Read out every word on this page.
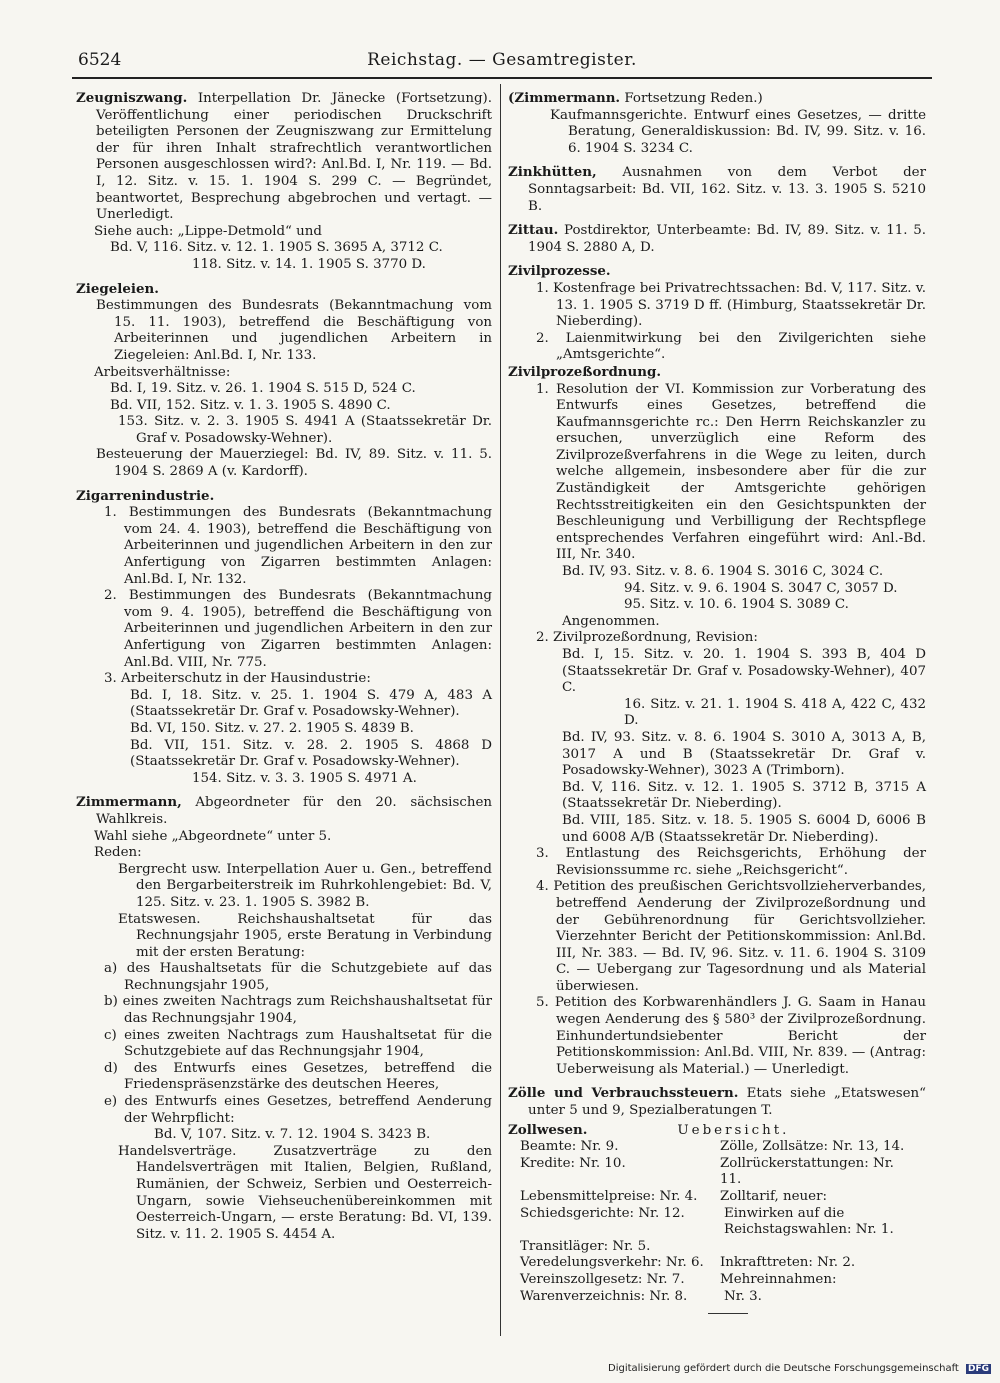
6524	Reichstag. — Gesamtregister.

Zeugniszwang. Interpellation Dr. Jänecke (Fortsetzung). Veröffentlichung einer periodischen Druckschrift beteiligten Personen der Zeugniszwang zur Ermittelung der für ihren Inhalt strafrechtlich verantwortlichen Personen ausgeschlossen wird?: Anl.Bd. I, Nr. 119. — Bd. I, 12. Sitz. v. 15. 1. 1904 S. 299 C. — Begründet, beantwortet, Besprechung abgebrochen und vertagt. — Unerledigt.

Siehe auch: „Lippe-Detmold“ und

Bd. V, 116. Sitz. v. 12. 1. 1905 S. 3695 A, 3712 C.

118. Sitz. v. 14. 1. 1905 S. 3770 D.

Ziegeleien.

Bestimmungen des Bundesrats (Bekanntmachung vom 15. 11. 1903), betreffend die Beschäftigung von Arbeiterinnen und jugendlichen Arbeitern in Ziegeleien: Anl.Bd. I, Nr. 133.

Arbeitsverhältnisse:

Bd. I, 19. Sitz. v. 26. 1. 1904 S. 515 D, 524 C.

Bd. VII, 152. Sitz. v. 1. 3. 1905 S. 4890 C.

153. Sitz. v. 2. 3. 1905 S. 4941 A (Staatssekretär Dr. Graf v. Posadowsky-Wehner).

Besteuerung der Mauerziegel: Bd. IV, 89. Sitz. v. 11. 5. 1904 S. 2869 A (v. Kardorff).

Zigarrenindustrie.

1. Bestimmungen des Bundesrats (Bekanntmachung vom 24. 4. 1903), betreffend die Beschäftigung von Arbeiterinnen und jugendlichen Arbeitern in den zur Anfertigung von Zigarren bestimmten Anlagen: Anl.Bd. I, Nr. 132.

2. Bestimmungen des Bundesrats (Bekanntmachung vom 9. 4. 1905), betreffend die Beschäftigung von Arbeiterinnen und jugendlichen Arbeitern in den zur Anfertigung von Zigarren bestimmten Anlagen: Anl.Bd. VIII, Nr. 775.

3. Arbeiterschutz in der Hausindustrie:

Bd. I, 18. Sitz. v. 25. 1. 1904 S. 479 A, 483 A (Staatssekretär Dr. Graf v. Posadowsky-Wehner).

Bd. VI, 150. Sitz. v. 27. 2. 1905 S. 4839 B.

Bd. VII, 151. Sitz. v. 28. 2. 1905 S. 4868 D (Staatssekretär Dr. Graf v. Posadowsky-Wehner).

154. Sitz. v. 3. 3. 1905 S. 4971 A.

Zimmermann, Abgeordneter für den 20. sächsischen Wahlkreis.

Wahl siehe „Abgeordnete“ unter 5.

Reden:

Bergrecht usw. Interpellation Auer u. Gen., betreffend den Bergarbeiterstreik im Ruhrkohlengebiet: Bd. V, 125. Sitz. v. 23. 1. 1905 S. 3982 B.

Etatswesen. Reichshaushaltsetat für das Rechnungsjahr 1905, erste Beratung in Verbindung mit der ersten Beratung:

a) des Haushaltsetats für die Schutzgebiete auf das Rechnungsjahr 1905,

b) eines zweiten Nachtrags zum Reichshaushaltsetat für das Rechnungsjahr 1904,

c) eines zweiten Nachtrags zum Haushaltsetat für die Schutzgebiete auf das Rechnungsjahr 1904,

d) des Entwurfs eines Gesetzes, betreffend die Friedenspräsenzstärke des deutschen Heeres,

e) des Entwurfs eines Gesetzes, betreffend Aenderung der Wehrpflicht:

Bd. V, 107. Sitz. v. 7. 12. 1904 S. 3423 B.

Handelsverträge. Zusatzverträge zu den Handelsverträgen mit Italien, Belgien, Rußland, Rumänien, der Schweiz, Serbien und Oesterreich-Ungarn, sowie Viehseuchenübereinkommen mit Oesterreich-Ungarn, — erste Beratung: Bd. VI, 139. Sitz. v. 11. 2. 1905 S. 4454 A.

(Zimmermann. Fortsetzung Reden.)

Kaufmannsgerichte. Entwurf eines Gesetzes, — dritte Beratung, Generaldiskussion: Bd. IV, 99. Sitz. v. 16. 6. 1904 S. 3234 C.

Zinkhütten, Ausnahmen von dem Verbot der Sonntagsarbeit: Bd. VII, 162. Sitz. v. 13. 3. 1905 S. 5210 B.

Zittau. Postdirektor, Unterbeamte: Bd. IV, 89. Sitz. v. 11. 5. 1904 S. 2880 A, D.

Zivilprozesse.

1. Kostenfrage bei Privatrechtssachen: Bd. V, 117. Sitz. v. 13. 1. 1905 S. 3719 D ff. (Himburg, Staatssekretär Dr. Nieberding).

2. Laienmitwirkung bei den Zivilgerichten siehe „Amtsgerichte“.

Zivilprozeßordnung.

1. Resolution der VI. Kommission zur Vorberatung des Entwurfs eines Gesetzes, betreffend die Kaufmannsgerichte rc.: Den Herrn Reichskanzler zu ersuchen, unverzüglich eine Reform des Zivilprozeßverfahrens in die Wege zu leiten, durch welche allgemein, insbesondere aber für die zur Zuständigkeit der Amtsgerichte gehörigen Rechtsstreitigkeiten ein den Gesichtspunkten der Beschleunigung und Verbilligung der Rechtspflege entsprechendes Verfahren eingeführt wird: Anl.-Bd. III, Nr. 340.

Bd. IV, 93. Sitz. v. 8. 6. 1904 S. 3016 C, 3024 C.

94. Sitz. v. 9. 6. 1904 S. 3047 C, 3057 D.

95. Sitz. v. 10. 6. 1904 S. 3089 C.

Angenommen.

2. Zivilprozeßordnung, Revision:

Bd. I, 15. Sitz. v. 20. 1. 1904 S. 393 B, 404 D (Staatssekretär Dr. Graf v. Posadowsky-Wehner), 407 C.

16. Sitz. v. 21. 1. 1904 S. 418 A, 422 C, 432 D.

Bd. IV, 93. Sitz. v. 8. 6. 1904 S. 3010 A, 3013 A, B, 3017 A und B (Staatssekretär Dr. Graf v. Posadowsky-Wehner), 3023 A (Trimborn).

Bd. V, 116. Sitz. v. 12. 1. 1905 S. 3712 B, 3715 A (Staatssekretär Dr. Nieberding).

Bd. VIII, 185. Sitz. v. 18. 5. 1905 S. 6004 D, 6006 B und 6008 A/B (Staatssekretär Dr. Nieberding).

3. Entlastung des Reichsgerichts, Erhöhung der Revisionssumme rc. siehe „Reichsgericht“.

4. Petition des preußischen Gerichtsvollzieherverbandes, betreffend Aenderung der Zivilprozeßordnung und der Gebührenordnung für Gerichtsvollzieher. Vierzehnter Bericht der Petitionskommission: Anl.Bd. III, Nr. 383. — Bd. IV, 96. Sitz. v. 11. 6. 1904 S. 3109 C. — Uebergang zur Tagesordnung und als Material überwiesen.

5. Petition des Korbwarenhändlers J. G. Saam in Hanau wegen Aenderung des § 580³ der Zivilprozeßordnung. Einhundertundsiebenter Bericht der Petitionskommission: Anl.Bd. VIII, Nr. 839. — (Antrag: Ueberweisung als Material.) — Unerledigt.

Zölle und Verbrauchssteuern. Etats siehe „Etatswesen“ unter 5 und 9, Spezialberatungen T.

Zollwesen.	Uebersicht.
Beamte: Nr. 9.	Zölle, Zollsätze: Nr. 13, 14.
Kredite: Nr. 10.	Zollrückerstattungen: Nr. 11.
Lebensmittelpreise: Nr. 4.	Zolltarif, neuer:
Schiedsgerichte: Nr. 12.	Einwirken auf die Reichstagswahlen: Nr. 1.
Transitläger: Nr. 5.
Veredelungsverkehr: Nr. 6.	Inkrafttreten: Nr. 2.
Vereinszollgesetz: Nr. 7.	Mehreinnahmen:
Warenverzeichnis: Nr. 8.	Nr. 3.
Digitalisierung gefördert durch die Deutsche Forschungsgemeinschaft DFG
